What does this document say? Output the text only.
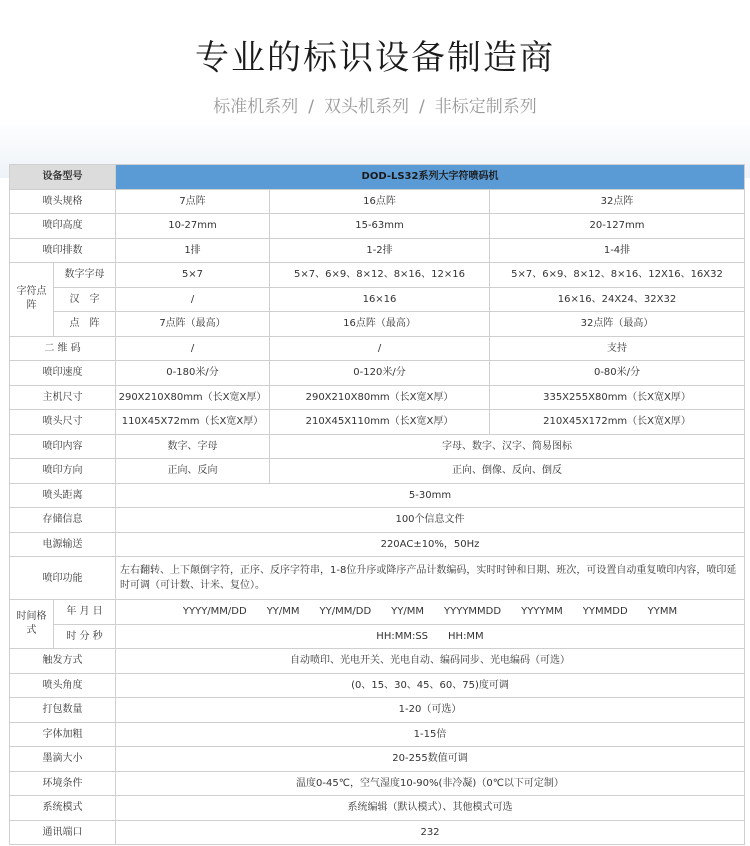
专业的标识设备制造商
标准机系列 / 双头机系列 / 非标定制系列
设备型号		DOD-LS32系列大字符喷码机		
喷头规格		7点阵	16点阵	32点阵
喷印高度		10-27mm	15-63mm	20-127mm
喷印排数		1排	1-2排	1-4排
字符点阵	数字字母	5×7	5×7、6×9、8×12、8×16、12×16	5×7、6×9、8×12、8×16、12X16、16X32
	汉　字	/	16×16	16×16、24X24、32X32
	点　阵	7点阵（最高）	16点阵（最高）	32点阵（最高）
二 维 码		/	/	支持
喷印速度		0-180米/分	0-120米/分	0-80米/分
主机尺寸		290X210X80mm（长X宽X厚）	290X210X80mm（长X宽X厚）	335X255X80mm（长X宽X厚）
喷头尺寸		110X45X72mm（长X宽X厚）	210X45X110mm（长X宽X厚）	210X45X172mm（长X宽X厚）
喷印内容		数字、字母	字母、数字、汉字、简易图标	
喷印方向		正向、反向	正向、倒像、反向、倒反	
喷头距离		5-30mm		
存储信息		100个信息文件		
电源输送		220AC±10%，50Hz		
喷印功能		左右翻转、上下颠倒字符，正序、反序字符串，1-8位升序或降序产品计数编码，实时时钟和日期、班次，可设置自动重复喷印内容，喷印延时可调（可计数、计米、复位）。		
时间格式	年 月 日	YYYY/MM/DD　　YY/MM　　YY/MM/DD　　YY/MM　　YYYYMMDD　　YYYYMM　　YYMMDD　　YYMM		
	时 分 秒	HH:MM:SS　　HH:MM		
触发方式		自动喷印、光电开关、光电自动、编码同步、光电编码（可选）		
喷头角度		(0、15、30、45、60、75)度可调		
打包数量		1-20（可选）		
字体加粗		1-15倍		
墨滴大小		20-255数值可调		
环境条件		温度0-45℃，空气湿度10-90%(非冷凝)（0℃以下可定制）		
系统模式		系统编辑（默认模式）、其他模式可选		
通讯端口		232		
